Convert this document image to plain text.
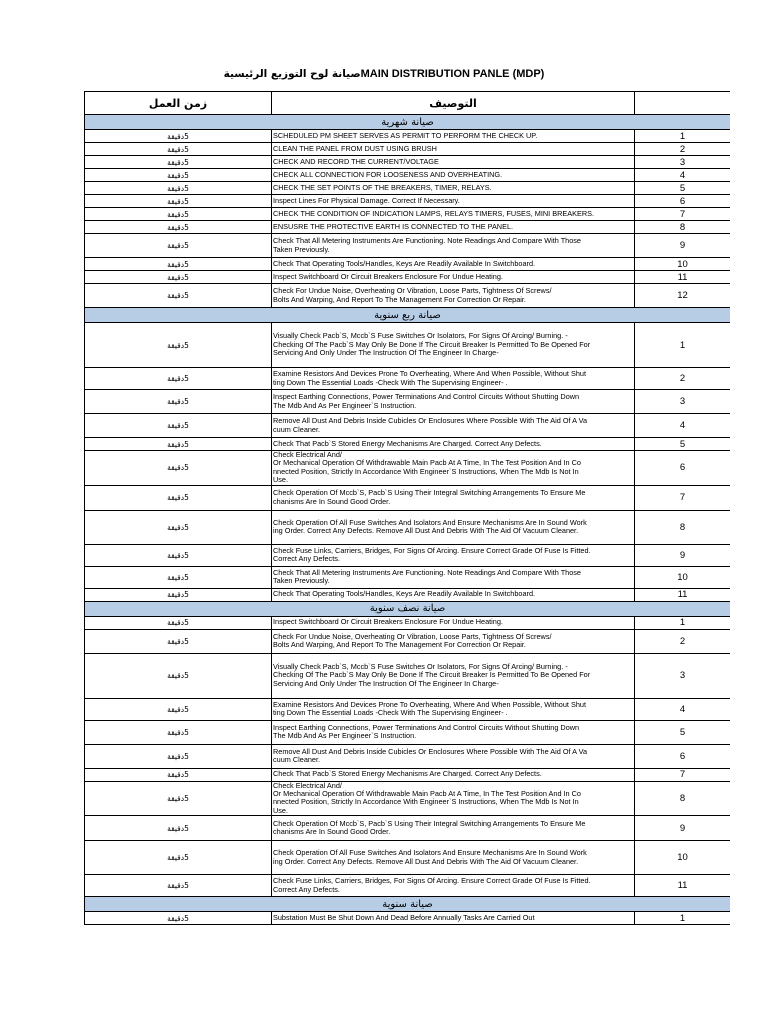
صيانة لوح التوزيع الرئيسيةMAIN DISTRIBUTION PANLE (MDP)
زمن العمل	التوصيف	
صيانة شهرية		
5دقيقة	SCHEDULED PM SHEET SERVES AS PERMIT TO PERFORM THE CHECK UP.	1
5دقيقة	CLEAN THE PANEL FROM DUST USING BRUSH	2
5دقيقة	CHECK AND RECORD THE CURRENT/VOLTAGE	3
5دقيقة	CHECK ALL CONNECTION FOR LOOSENESS AND OVERHEATING.	4
5دقيقة	CHECK THE SET POINTS OF THE BREAKERS, TIMER, RELAYS.	5
5دقيقة	Inspect Lines For Physical Damage. Correct If Necessary.	6
5دقيقة	CHECK THE CONDITION OF INDICATION LAMPS, RELAYS TIMERS, FUSES, MINI BREAKERS.	7
5دقيقة	ENSUSRE THE PROTECTIVE EARTH IS CONNECTED TO THE PANEL.	8
5دقيقة	Check That All Metering Instruments Are Functioning. Note Readings And Compare With Those
Taken Previously.	9
5دقيقة	Check That Operating Tools/Handles, Keys Are Readily Available In Switchboard.	10
5دقيقة	Inspect Switchboard Or Circuit Breakers Enclosure For Undue Heating.	11
5دقيقة	Check For Undue Noise, Overheating Or Vibration, Loose Parts, Tightness Of Screws/
Bolts And Warping, And Report To The Management For Correction Or Repair.	12
صيانة ربع سنوية		
5دقيقة	Visually Check Pacb`S, Mccb`S Fuse Switches Or Isolators, For Signs Of Arcing/ Burning. -
Checking Of The Pacb`S May Only Be Done If The Circuit Breaker Is Permitted To Be Opened For
Servicing And Only Under The Instruction Of The Engineer In Charge-	1
5دقيقة	Examine Resistors And Devices Prone To Overheating, Where And When Possible, Without Shut
ting Down The Essential Loads -Check With The Supervising Engineer- .	2
5دقيقة	Inspect Earthing Connections, Power Terminations And Control Circuits Without Shutting Down
The Mdb And As Per Engineer`S Instruction.	3
5دقيقة	Remove All Dust And Debris Inside Cubicles Or Enclosures Where Possible With The Aid Of A Va
cuum Cleaner.	4
5دقيقة	Check That Pacb`S Stored Energy Mechanisms Are Charged. Correct Any Defects.	5
5دقيقة	Check Electrical And/
Or Mechanical Operation Of Withdrawable Main Pacb At A Time, In The Test Position And In Co
nnected Position, Strictly In Accordance With Engineer`S Instructions, When The Mdb Is Not In
Use.	6
5دقيقة	Check Operation Of Mccb`S, Pacb`S Using Their Integral Switching Arrangements To Ensure Me
chanisms Are In Sound Good Order.	7
5دقيقة	Check Operation Of All Fuse Switches And Isolators And Ensure Mechanisms Are In Sound Work
ing Order. Correct Any Defects. Remove All Dust And Debris With The Aid Of Vacuum Cleaner.	8
5دقيقة	Check Fuse Links, Carriers, Bridges, For Signs Of Arcing. Ensure Correct Grade Of Fuse Is Fitted.
Correct Any Defects.	9
5دقيقة	Check That All Metering Instruments Are Functioning. Note Readings And Compare With Those
Taken Previously.	10
5دقيقة	Check That Operating Tools/Handles, Keys Are Readily Available In Switchboard.	11
صيانة نصف سنوية		
5دقيقة	Inspect Switchboard Or Circuit Breakers Enclosure For Undue Heating.	1
5دقيقة	Check For Undue Noise, Overheating Or Vibration, Loose Parts, Tightness Of Screws/
Bolts And Warping, And Report To The Management For Correction Or Repair.	2
5دقيقة	Visually Check Pacb`S, Mccb`S Fuse Switches Or Isolators, For Signs Of Arcing/ Burning. -
Checking Of The Pacb`S May Only Be Done If The Circuit Breaker Is Permitted To Be Opened For
Servicing And Only Under The Instruction Of The Engineer In Charge-	3
5دقيقة	Examine Resistors And Devices Prone To Overheating, Where And When Possible, Without Shut
ting Down The Essential Loads -Check With The Supervising Engineer- .	4
5دقيقة	Inspect Earthing Connections, Power Terminations And Control Circuits Without Shutting Down
The Mdb And As Per Engineer`S Instruction.	5
5دقيقة	Remove All Dust And Debris Inside Cubicles Or Enclosures Where Possible With The Aid Of A Va
cuum Cleaner.	6
5دقيقة	Check That Pacb`S Stored Energy Mechanisms Are Charged. Correct Any Defects.	7
5دقيقة	Check Electrical And/
Or Mechanical Operation Of Withdrawable Main Pacb At A Time, In The Test Position And In Co
nnected Position, Strictly In Accordance With Engineer`S Instructions, When The Mdb Is Not In
Use.	8
5دقيقة	Check Operation Of Mccb`S, Pacb`S Using Their Integral Switching Arrangements To Ensure Me
chanisms Are In Sound Good Order.	9
5دقيقة	Check Operation Of All Fuse Switches And Isolators And Ensure Mechanisms Are In Sound Work
ing Order. Correct Any Defects. Remove All Dust And Debris With The Aid Of Vacuum Cleaner.	10
5دقيقة	Check Fuse Links, Carriers, Bridges, For Signs Of Arcing. Ensure Correct Grade Of Fuse Is Fitted.
Correct Any Defects.	11
صيانة سنوية		
5دقيقة	Substation Must Be Shut Down And Dead Before Annually Tasks Are Carried Out	1
